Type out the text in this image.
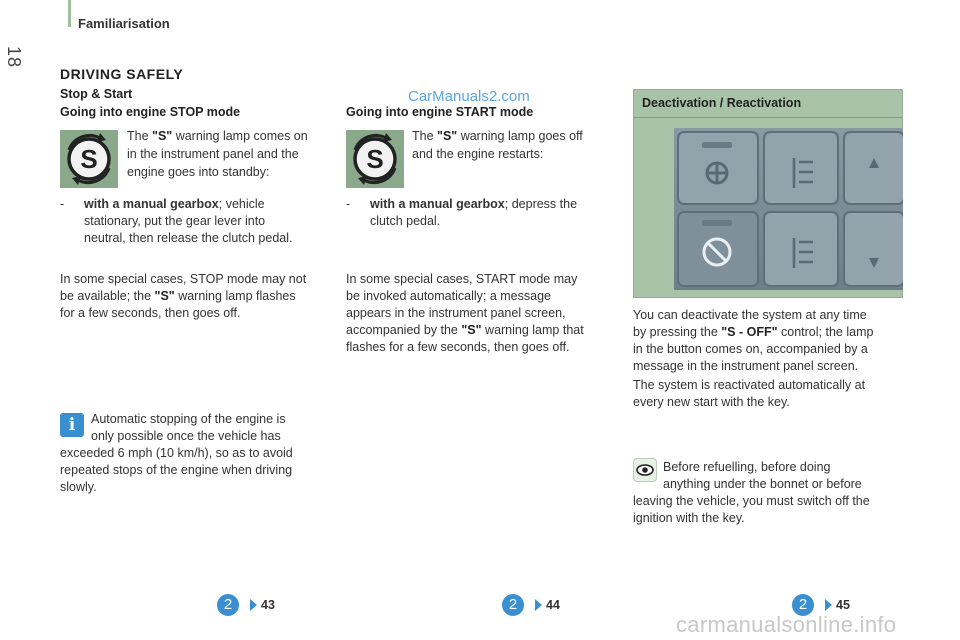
Familiarisation
18
DRIVING SAFELY
CarManuals2.com
Stop & Start
Going into engine STOP mode
S
The "S" warning lamp comes on
in the instrument panel and the
engine goes into standby:
- with a manual gearbox; vehicle
stationary, put the gear lever into
neutral, then release the clutch pedal.
In some special cases, STOP mode may not
be available; the "S" warning lamp flashes
for a few seconds, then goes off.
i	Automatic stopping of the engine is
only possible once the vehicle has
exceeded 6 mph (10 km/h), so as to avoid
repeated stops of the engine when driving
slowly.
Going into engine START mode
S
The "S" warning lamp goes off
and the engine restarts:
- with a manual gearbox; depress the
clutch pedal.
In some special cases, START mode may
be invoked automatically; a message
appears in the instrument panel screen,
accompanied by the "S" warning lamp that
flashes for a few seconds, then goes off.
Deactivation / Reactivation
You can deactivate the system at any time
by pressing the "S - OFF" control; the lamp
in the button comes on, accompanied by a
message in the instrument panel screen.
The system is reactivated automatically at
every new start with the key.
Before refuelling, before doing
anything under the bonnet or before
leaving the vehicle, you must switch off the
ignition with the key.
2	43	2	44	2	45
carmanualsonline.info
